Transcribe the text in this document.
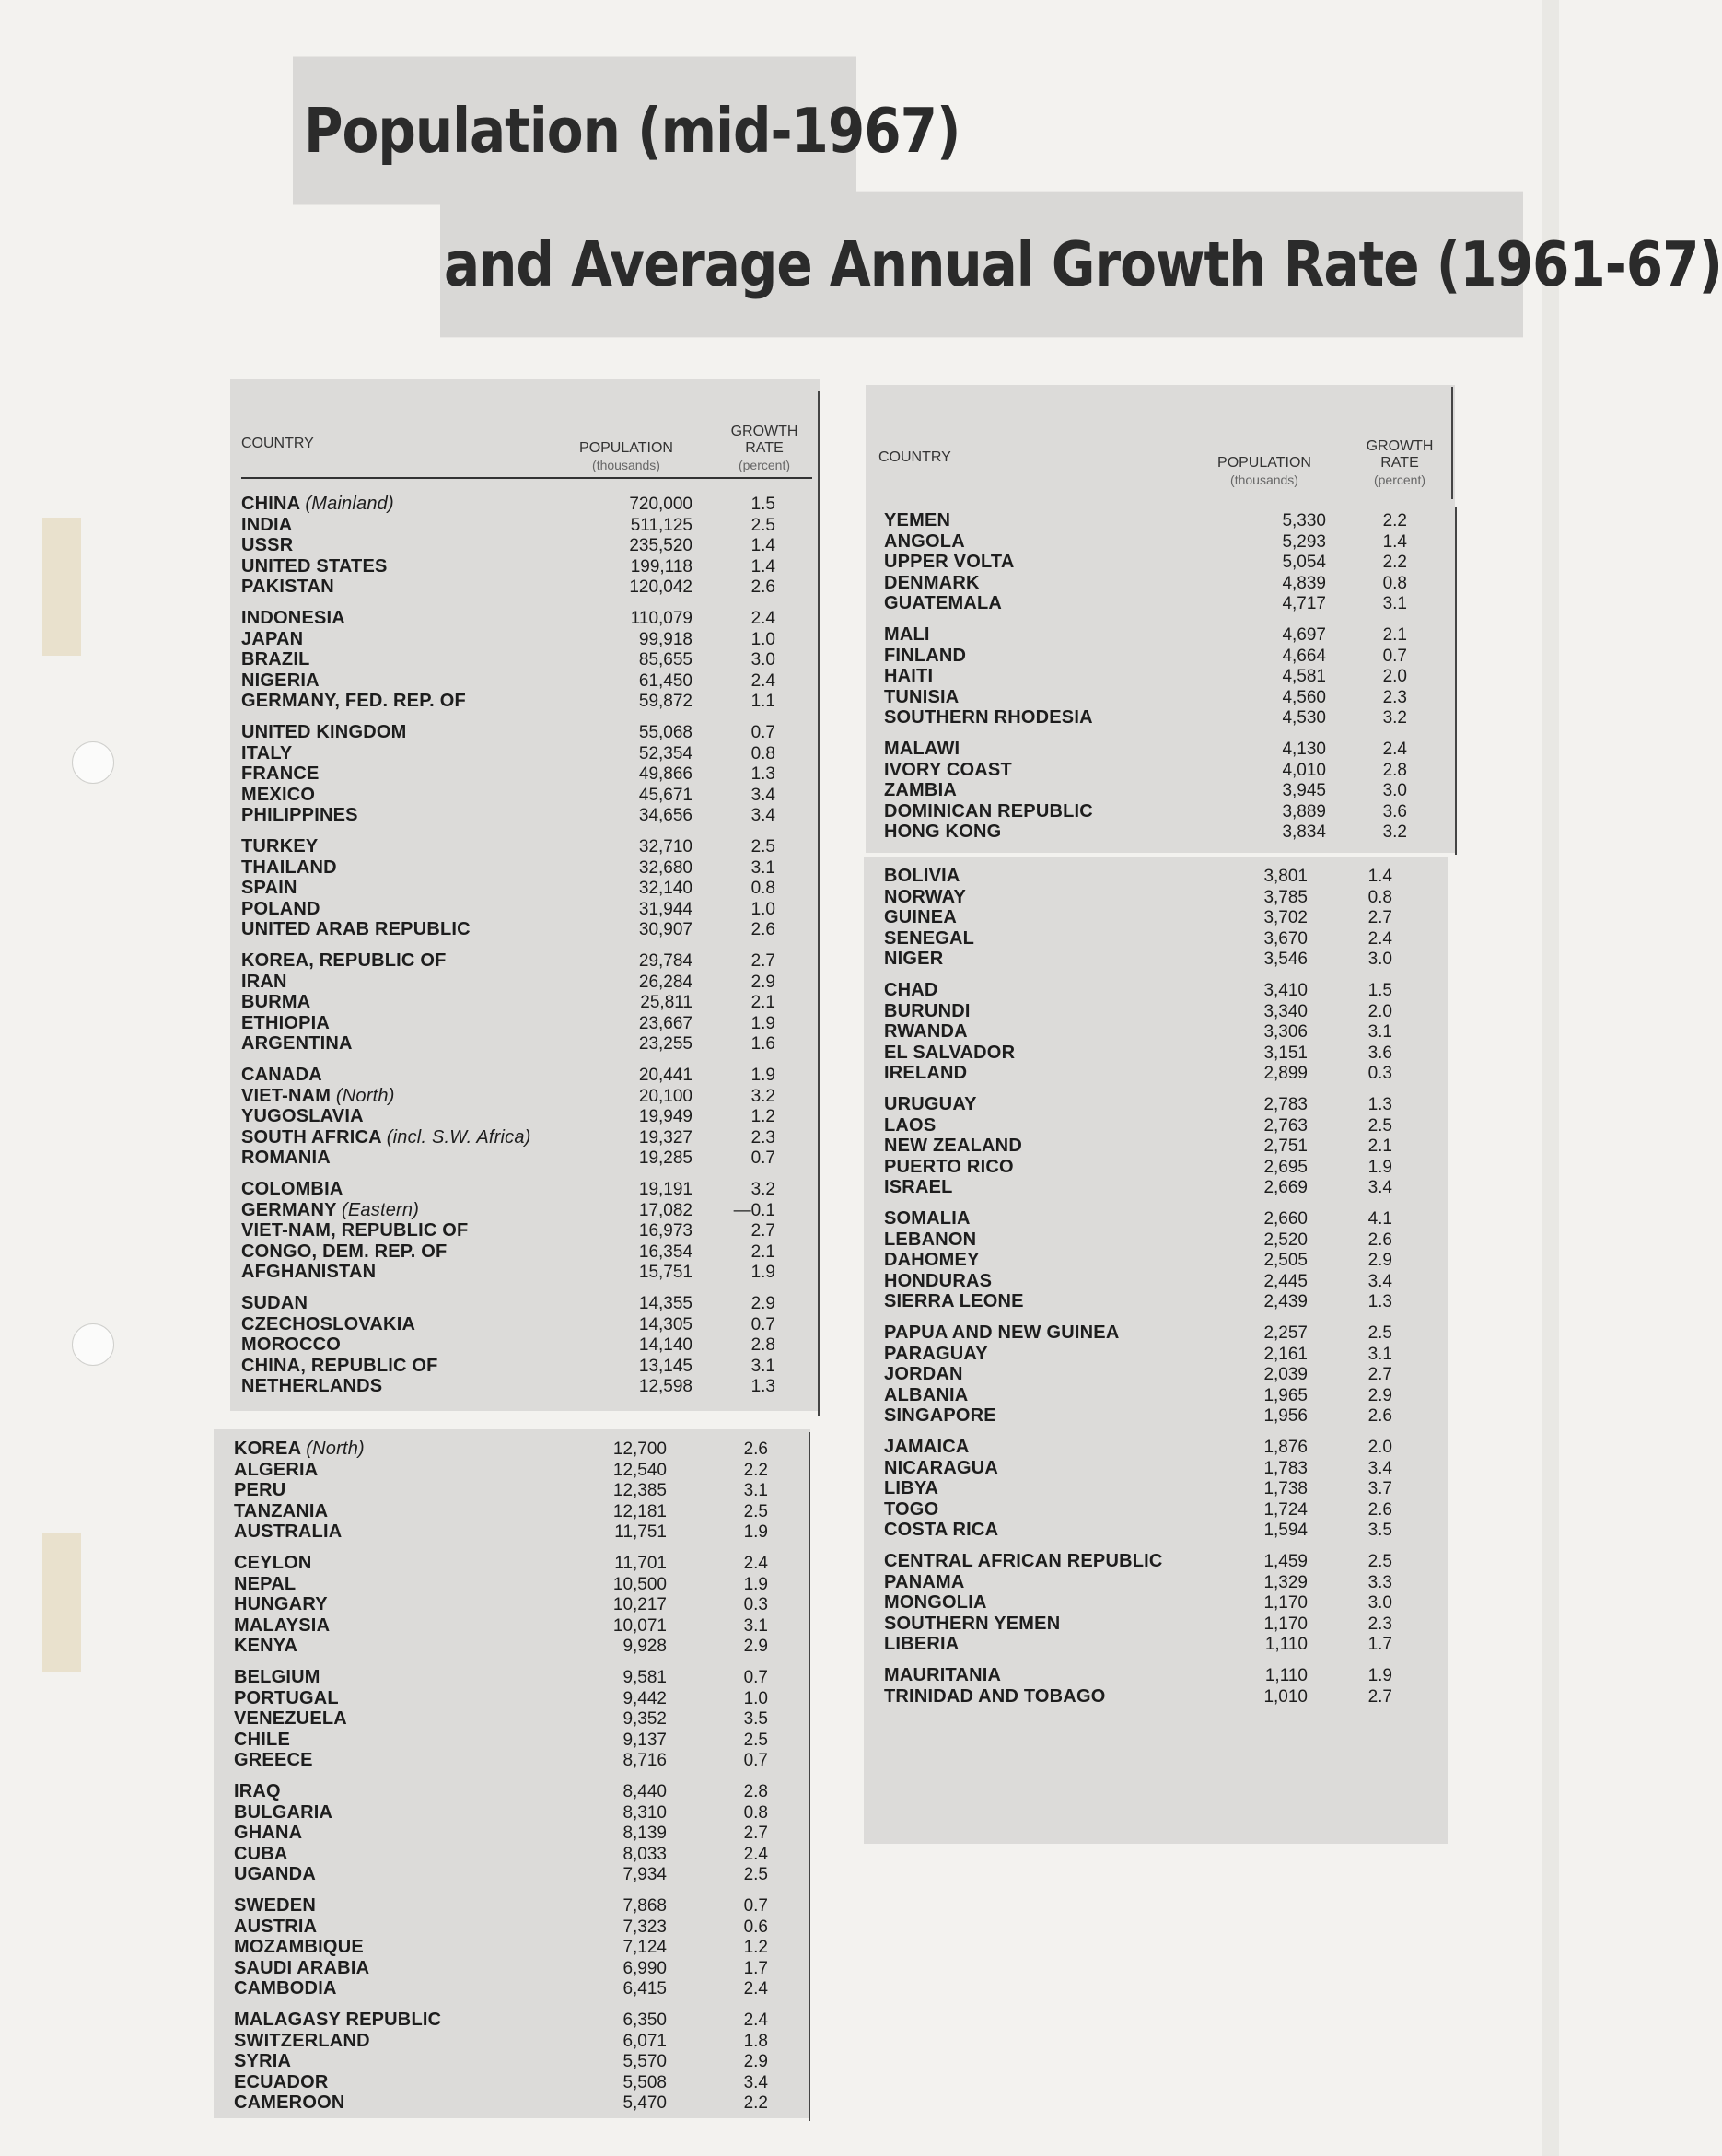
Population (mid-1967)
and Average Annual Growth Rate (1961-67)
COUNTRY	POPULATION
(thousands)
GROWTH
RATE
(percent)
CHINA (Mainland)	720,000	1.5
INDIA	511,125	2.5
USSR	235,520	1.4
UNITED STATES	199,118	1.4
PAKISTAN	120,042	2.6
INDONESIA	110,079	2.4
JAPAN	99,918	1.0
BRAZIL	85,655	3.0
NIGERIA	61,450	2.4
GERMANY, FED. REP. OF	59,872	1.1
UNITED KINGDOM	55,068	0.7
ITALY	52,354	0.8
FRANCE	49,866	1.3
MEXICO	45,671	3.4
PHILIPPINES	34,656	3.4
TURKEY	32,710	2.5
THAILAND	32,680	3.1
SPAIN	32,140	0.8
POLAND	31,944	1.0
UNITED ARAB REPUBLIC	30,907	2.6
KOREA, REPUBLIC OF	29,784	2.7
IRAN	26,284	2.9
BURMA	25,811	2.1
ETHIOPIA	23,667	1.9
ARGENTINA	23,255	1.6
CANADA	20,441	1.9
VIET-NAM (North)	20,100	3.2
YUGOSLAVIA	19,949	1.2
SOUTH AFRICA (incl. S.W. Africa)	19,327	2.3
ROMANIA	19,285	0.7
COLOMBIA	19,191	3.2
GERMANY (Eastern)	17,082 —0.1
VIET-NAM, REPUBLIC OF	16,973	2.7
CONGO, DEM. REP. OF	16,354	2.1
AFGHANISTAN	15,751	1.9
SUDAN	14,355	2.9
CZECHOSLOVAKIA	14,305	0.7
MOROCCO	14,140	2.8
CHINA, REPUBLIC OF	13,145	3.1
NETHERLANDS	12,598	1.3
KOREA (North)	12,700	2.6
ALGERIA	12,540	2.2
PERU	12,385	3.1
TANZANIA	12,181	2.5
AUSTRALIA	11,751	1.9
CEYLON	11,701	2.4
NEPAL	10,500	1.9
HUNGARY	10,217	0.3
MALAYSIA	10,071	3.1
KENYA	9,928	2.9
BELGIUM	9,581	0.7
PORTUGAL	9,442	1.0
VENEZUELA	9,352	3.5
CHILE	9,137	2.5
GREECE	8,716	0.7
IRAQ	8,440	2.8
BULGARIA	8,310	0.8
GHANA	8,139	2.7
CUBA	8,033	2.4
UGANDA	7,934	2.5
SWEDEN	7,868	0.7
AUSTRIA	7,323	0.6
MOZAMBIQUE	7,124	1.2
SAUDI ARABIA	6,990	1.7
CAMBODIA	6,415	2.4
MALAGASY REPUBLIC	6,350	2.4
SWITZERLAND	6,071	1.8
SYRIA	5,570	2.9
ECUADOR	5,508	3.4
CAMEROON	5,470	2.2
COUNTRY	POPULATION
(thousands)
GROWTH
RATE
(percent)
YEMEN	5,330	2.2
ANGOLA	5,293	1.4
UPPER VOLTA	5,054	2.2
DENMARK	4,839	0.8
GUATEMALA	4,717	3.1
MALI	4,697	2.1
FINLAND	4,664	0.7
HAITI	4,581	2.0
TUNISIA	4,560	2.3
SOUTHERN RHODESIA	4,530	3.2
MALAWI	4,130	2.4
IVORY COAST	4,010	2.8
ZAMBIA	3,945	3.0
DOMINICAN REPUBLIC	3,889	3.6
HONG KONG	3,834	3.2
BOLIVIA	3,801	1.4
NORWAY	3,785	0.8
GUINEA	3,702	2.7
SENEGAL	3,670	2.4
NIGER	3,546	3.0
CHAD	3,410	1.5
BURUNDI	3,340	2.0
RWANDA	3,306	3.1
EL SALVADOR	3,151	3.6
IRELAND	2,899	0.3
URUGUAY	2,783	1.3
LAOS	2,763	2.5
NEW ZEALAND	2,751	2.1
PUERTO RICO	2,695	1.9
ISRAEL	2,669	3.4
SOMALIA	2,660	4.1
LEBANON	2,520	2.6
DAHOMEY	2,505	2.9
HONDURAS	2,445	3.4
SIERRA LEONE	2,439	1.3
PAPUA AND NEW GUINEA	2,257	2.5
PARAGUAY	2,161	3.1
JORDAN	2,039	2.7
ALBANIA	1,965	2.9
SINGAPORE	1,956	2.6
JAMAICA	1,876	2.0
NICARAGUA	1,783	3.4
LIBYA	1,738	3.7
TOGO	1,724	2.6
COSTA RICA	1,594	3.5
CENTRAL AFRICAN REPUBLIC	1,459	2.5
PANAMA	1,329	3.3
MONGOLIA	1,170	3.0
SOUTHERN YEMEN	1,170	2.3
LIBERIA	1,110	1.7
MAURITANIA	1,110	1.9
TRINIDAD AND TOBAGO	1,010	2.7
